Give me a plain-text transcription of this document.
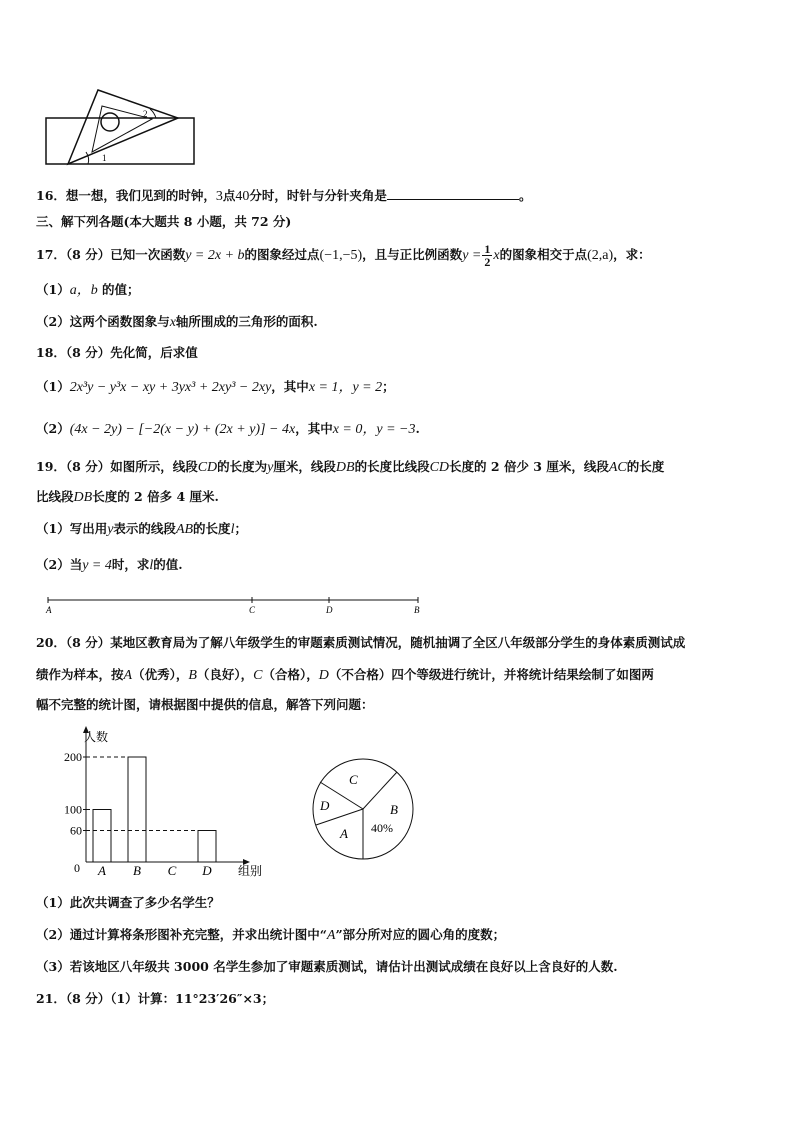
1
2
16．想一想，我们见到的时钟，3点40分时，时针与分针夹角是	。
三、解下列各题(本大题共 8 小题，共 72 分)
17．（8 分）已知一次函数y = 2x + b的图象经过点(−1,−5)，且与正比例函数$y = \frac{1}{2}$ x的图象相交于点(2,a)，求：
（1）a，b 的值；
（2）这两个函数图象与x轴所围成的三角形的面积.
18．（8 分）先化简，后求值
（1）2x³y − y³x − xy + 3yx³ + 2xy³ − 2xy，其中x = 1，y = 2；
（2）(4x − 2y) − [−2(x − y) + (2x + y)] − 4x，其中x = 0，y = −3.
19．（8 分）如图所示，线段CD的长度为y厘米，线段DB的长度比线段CD长度的 2 倍少 3 厘米，线段AC的长度
比线段DB长度的 2 倍多 4 厘米.
（1）写出用y表示的线段AB的长度l；
（2）当y = 4时，求l的值.
A	C	D	B
20．（8 分）某地区教育局为了解八年级学生的审题素质测试情况，随机抽调了全区八年级部分学生的身体素质测试成
绩作为样本，按A（优秀），B（良好），C（合格），D（不合格）四个等级进行统计，并将统计结果绘制了如图两
幅不完整的统计图，请根据图中提供的信息，解答下列问题：
人数
组别
0
60
100
200
A B C D
C
B
40%
A
D
（1）此次共调查了多少名学生？
（2）通过计算将条形图补充完整，并求出统计图中“A”部分所对应的圆心角的度数；
（3）若该地区八年级共 3000 名学生参加了审题素质测试，请估计出测试成绩在良好以上含良好的人数.
21．（8 分）（1）计算：11°23′26″×3；
